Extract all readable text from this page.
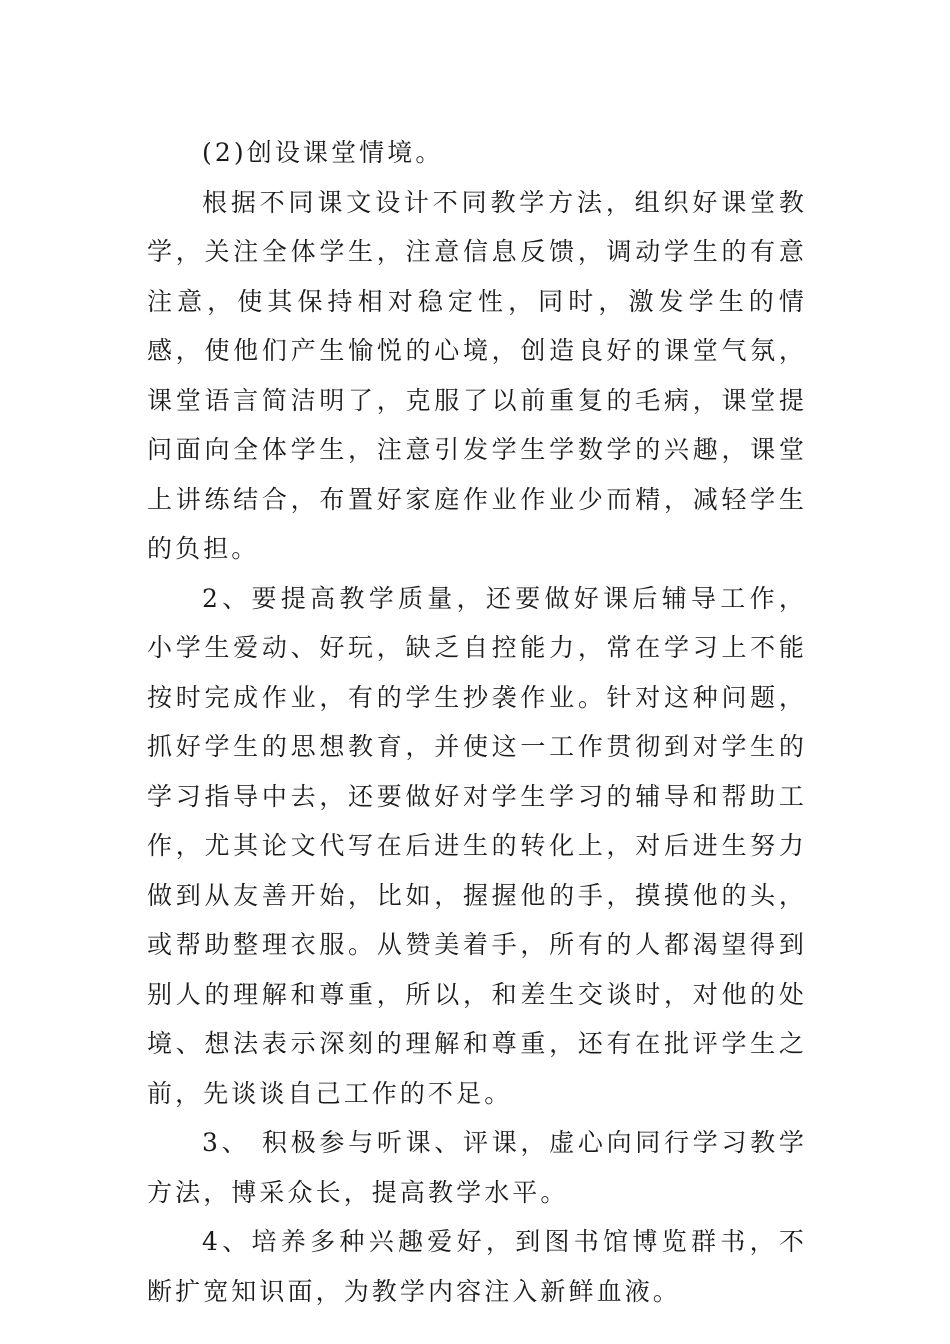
(2)创设课堂情境。

根据不同课文设计不同教学方法，组织好课堂教学，关注全体学生，注意信息反馈，调动学生的有意注意，使其保持相对稳定性，同时，激发学生的情感，使他们产生愉悦的心境，创造良好的课堂气氛，课堂语言简洁明了，克服了以前重复的毛病，课堂提问面向全体学生，注意引发学生学数学的兴趣，课堂上讲练结合，布置好家庭作业作业少而精，减轻学生的负担。

2、要提高教学质量，还要做好课后辅导工作，小学生爱动、好玩，缺乏自控能力，常在学习上不能按时完成作业，有的学生抄袭作业。针对这种问题，抓好学生的思想教育，并使这一工作贯彻到对学生的学习指导中去，还要做好对学生学习的辅导和帮助工作，尤其论文代写在后进生的转化上，对后进生努力做到从友善开始，比如，握握他的手，摸摸他的头，或帮助整理衣服。从赞美着手，所有的人都渴望得到别人的理解和尊重，所以，和差生交谈时，对他的处境、想法表示深刻的理解和尊重，还有在批评学生之前，先谈谈自己工作的不足。

3、 积极参与听课、评课，虚心向同行学习教学方法，博采众长，提高教学水平。

4、培养多种兴趣爱好，到图书馆博览群书，不断扩宽知识面，为教学内容注入新鲜血液。
